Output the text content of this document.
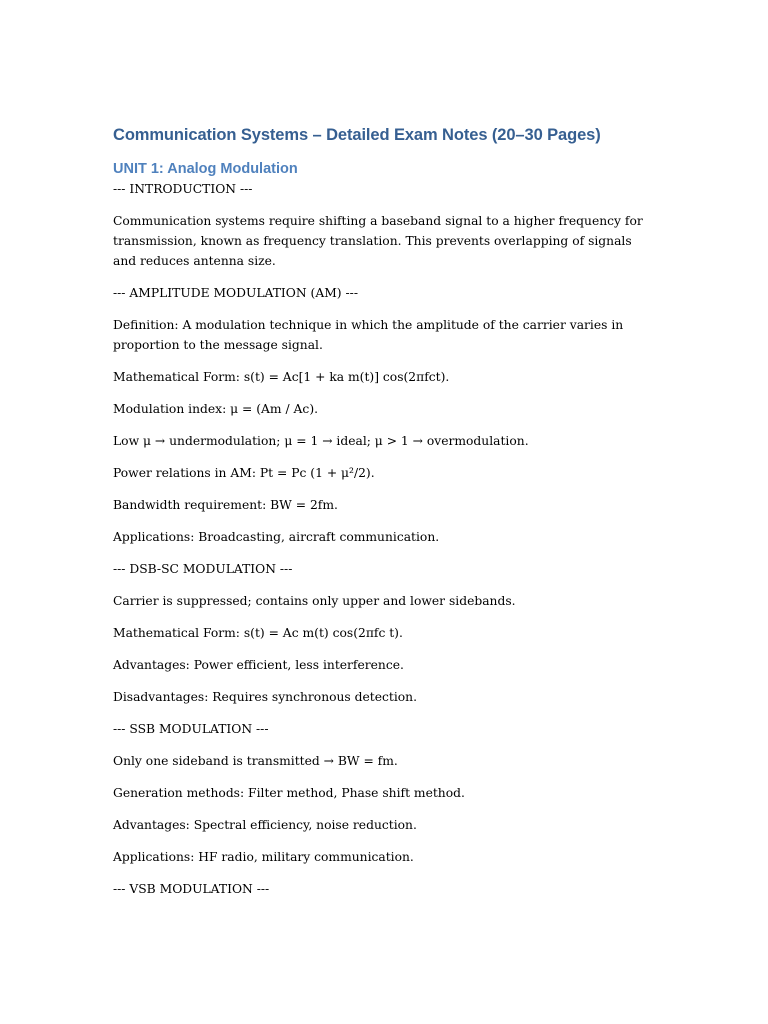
Communication Systems – Detailed Exam Notes (20–30 Pages)
UNIT 1: Analog Modulation

--- INTRODUCTION ---

Communication systems require shifting a baseband signal to a higher frequency for transmission, known as frequency translation. This prevents overlapping of signals and reduces antenna size.

--- AMPLITUDE MODULATION (AM) ---

Definition: A modulation technique in which the amplitude of the carrier varies in proportion to the message signal.

Mathematical Form: s(t) = Ac[1 + ka m(t)] cos(2πfct).

Modulation index: μ = (Am / Ac).

Low μ → undermodulation; μ = 1 → ideal; μ > 1 → overmodulation.

Power relations in AM: Pt = Pc (1 + μ²/2).

Bandwidth requirement: BW = 2fm.

Applications: Broadcasting, aircraft communication.

--- DSB-SC MODULATION ---

Carrier is suppressed; contains only upper and lower sidebands.

Mathematical Form: s(t) = Ac m(t) cos(2πfc t).

Advantages: Power efficient, less interference.

Disadvantages: Requires synchronous detection.

--- SSB MODULATION ---

Only one sideband is transmitted → BW = fm.

Generation methods: Filter method, Phase shift method.

Advantages: Spectral efficiency, noise reduction.

Applications: HF radio, military communication.

--- VSB MODULATION ---
